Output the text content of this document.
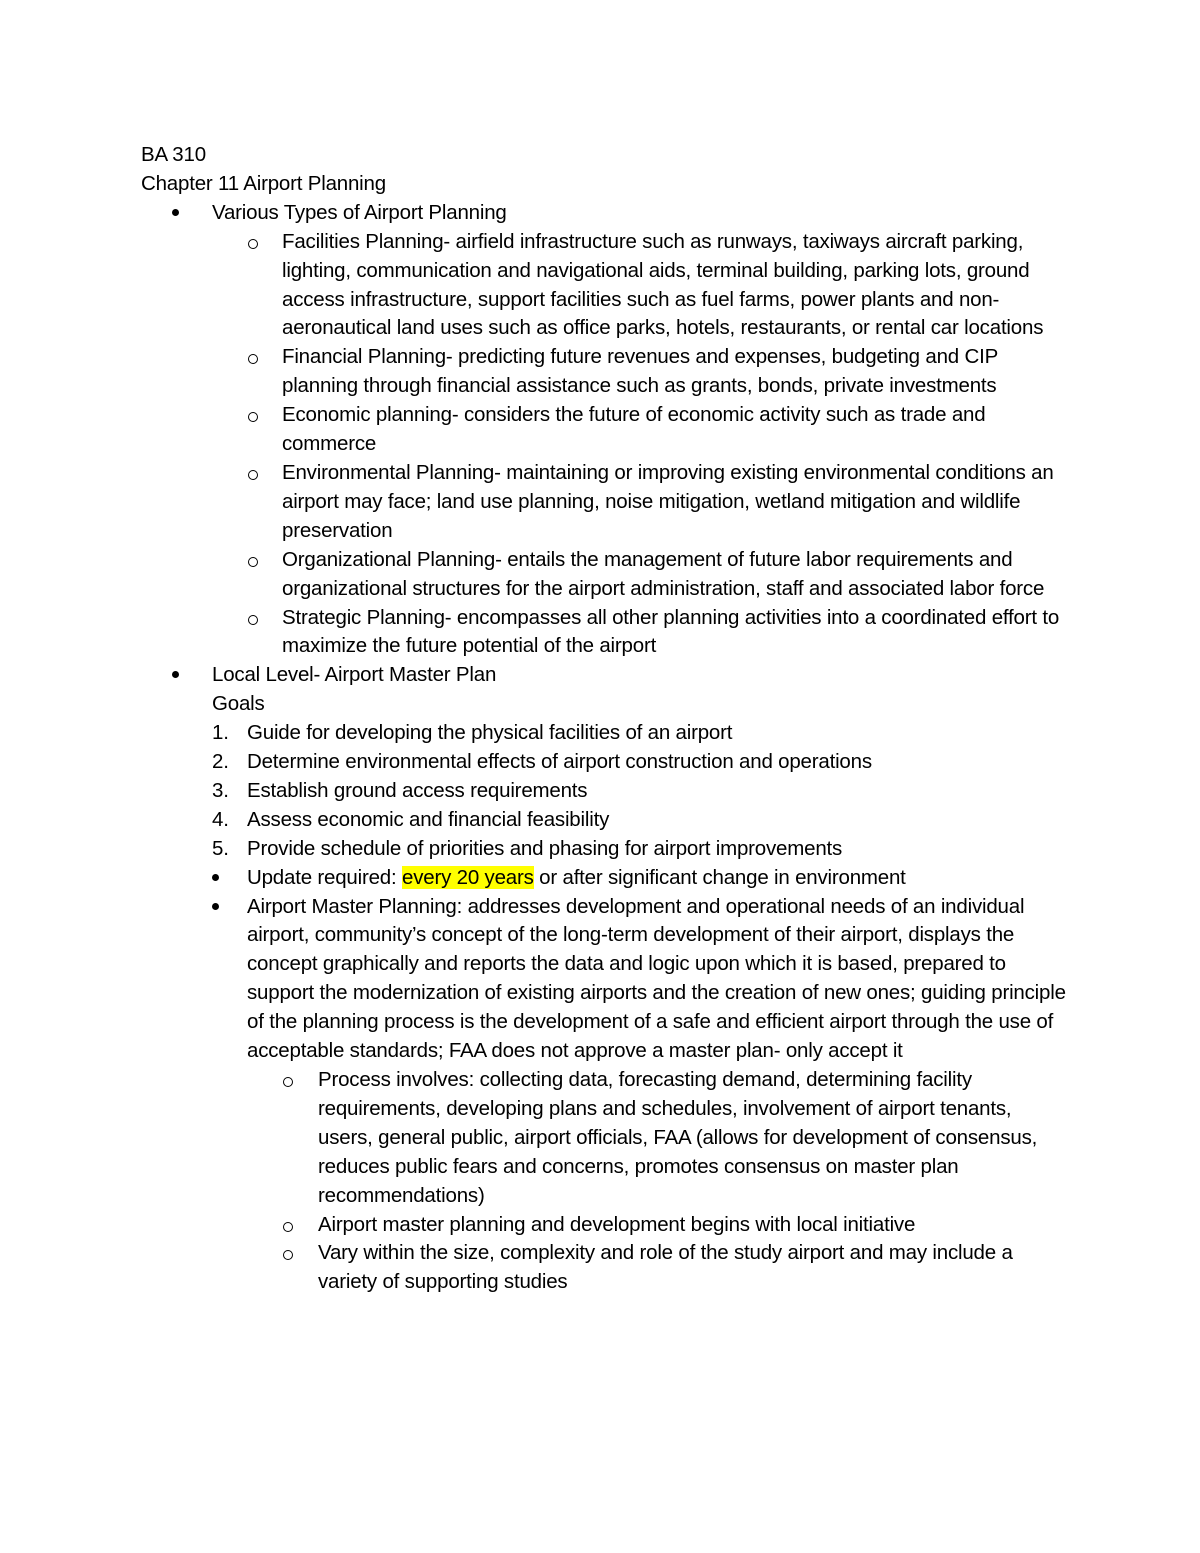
BA 310
Chapter 11 Airport Planning
Various Types of Airport Planning
Facilities Planning- airfield infrastructure such as runways, taxiways aircraft parking, lighting, communication and navigational aids, terminal building, parking lots, ground access infrastructure, support facilities such as fuel farms, power plants and non-aeronautical land uses such as office parks, hotels, restaurants, or rental car locations
Financial Planning- predicting future revenues and expenses, budgeting and CIP planning through financial assistance such as grants, bonds, private investments
Economic planning- considers the future of economic activity such as trade and commerce
Environmental Planning- maintaining or improving existing environmental conditions an airport may face; land use planning, noise mitigation, wetland mitigation and wildlife preservation
Organizational Planning- entails the management of future labor requirements and organizational structures for the airport administration, staff and associated labor force
Strategic Planning- encompasses all other planning activities into a coordinated effort to maximize the future potential of the airport
Local Level- Airport Master Plan
Goals
1. Guide for developing the physical facilities of an airport
2. Determine environmental effects of airport construction and operations
3. Establish ground access requirements
4. Assess economic and financial feasibility
5. Provide schedule of priorities and phasing for airport improvements
Update required: every 20 years or after significant change in environment
Airport Master Planning: addresses development and operational needs of an individual airport, community’s concept of the long-term development of their airport, displays the concept graphically and reports the data and logic upon which it is based, prepared to support the modernization of existing airports and the creation of new ones; guiding principle of the planning process is the development of a safe and efficient airport through the use of acceptable standards; FAA does not approve a master plan- only accept it
Process involves: collecting data, forecasting demand, determining facility requirements, developing plans and schedules, involvement of airport tenants, users, general public, airport officials, FAA (allows for development of consensus, reduces public fears and concerns, promotes consensus on master plan recommendations)
Airport master planning and development begins with local initiative
Vary within the size, complexity and role of the study airport and may include a variety of supporting studies
